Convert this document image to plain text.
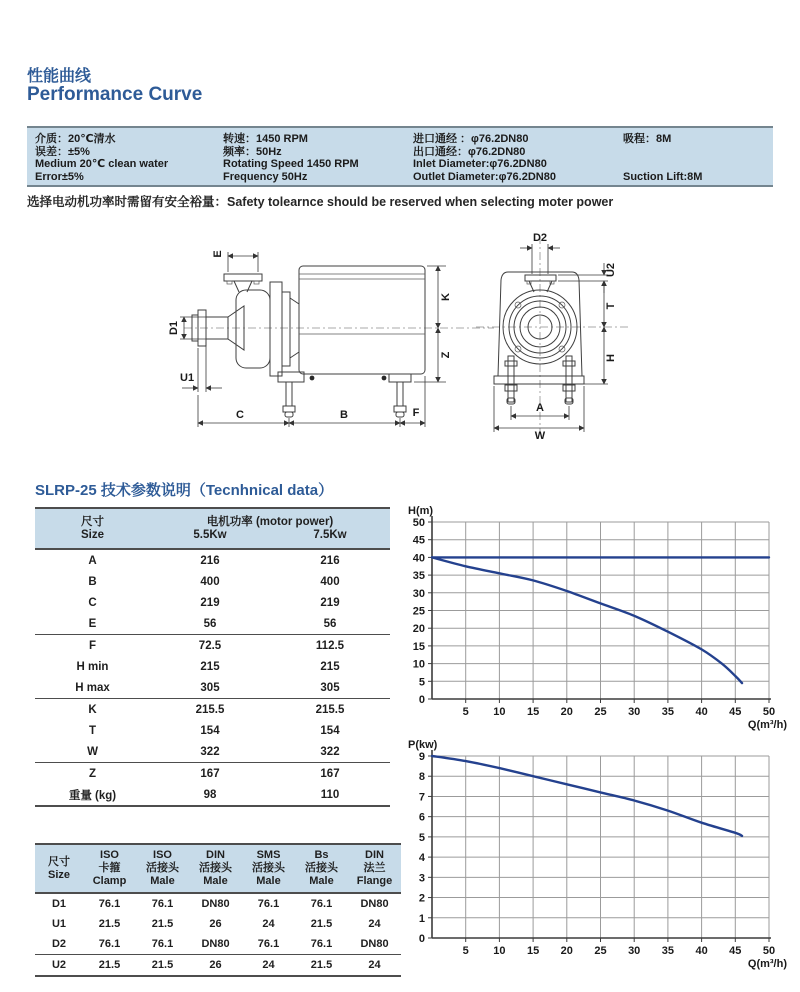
性能曲线
Performance Curve
介质：20℃清水
误差：±5%
Medium 20℃ clean water
Error±5%
转速：1450 RPM
频率：50Hz
Rotating Speed 1450 RPM
Frequency 50Hz
进口通经 ：φ76.2DN80
出口通经：φ76.2DN80
Inlet Diameter:φ76.2DN80
Outlet Diameter:φ76.2DN80
吸程：8M
Suction Lift:8M
选择电动机功率时需留有安全裕量：Safety tolearnce should be reserved when selecting moter power
E
D1
U1
C	B	F
K
Z
D2
U2
T
H
A
W
SLRP-25 技术参数说明（Tecnhnical data）
尺寸
Size
电机功率 (motor power)
5.5Kw	7.5Kw
A	216	216
B	400	400
C	219	219
E	56	56
F	72.5	112.5
H min	215	215
H max	305	305
K	215.5	215.5
T	154	154
W	322	322
Z	167	167
重量 (kg)	98	110
尺寸
Size
ISO
卡箍
Clamp
ISO
活接头
Male
DIN
活接头
Male
SMS
活接头
Male
Bs
活接头
Male
DIN
法兰
Flange
D1	76.1	76.1	DN80	76.1	76.1	DN80
U1	21.5	21.5	26	24	21.5	24
D2	76.1	76.1	DN80	76.1	76.1	DN80
U2	21.5	21.5	26	24	21.5	24
0
5
10
15
20
25
30
35
40
45
50
5 10 15 20 25 30 35 40 45 50
H(m)
Q(m³/h)
0
1
2
3
4
5
6
7
8
9
5 10 15 20 25 30 35 40 45 50
P(kw)
Q(m³/h)
